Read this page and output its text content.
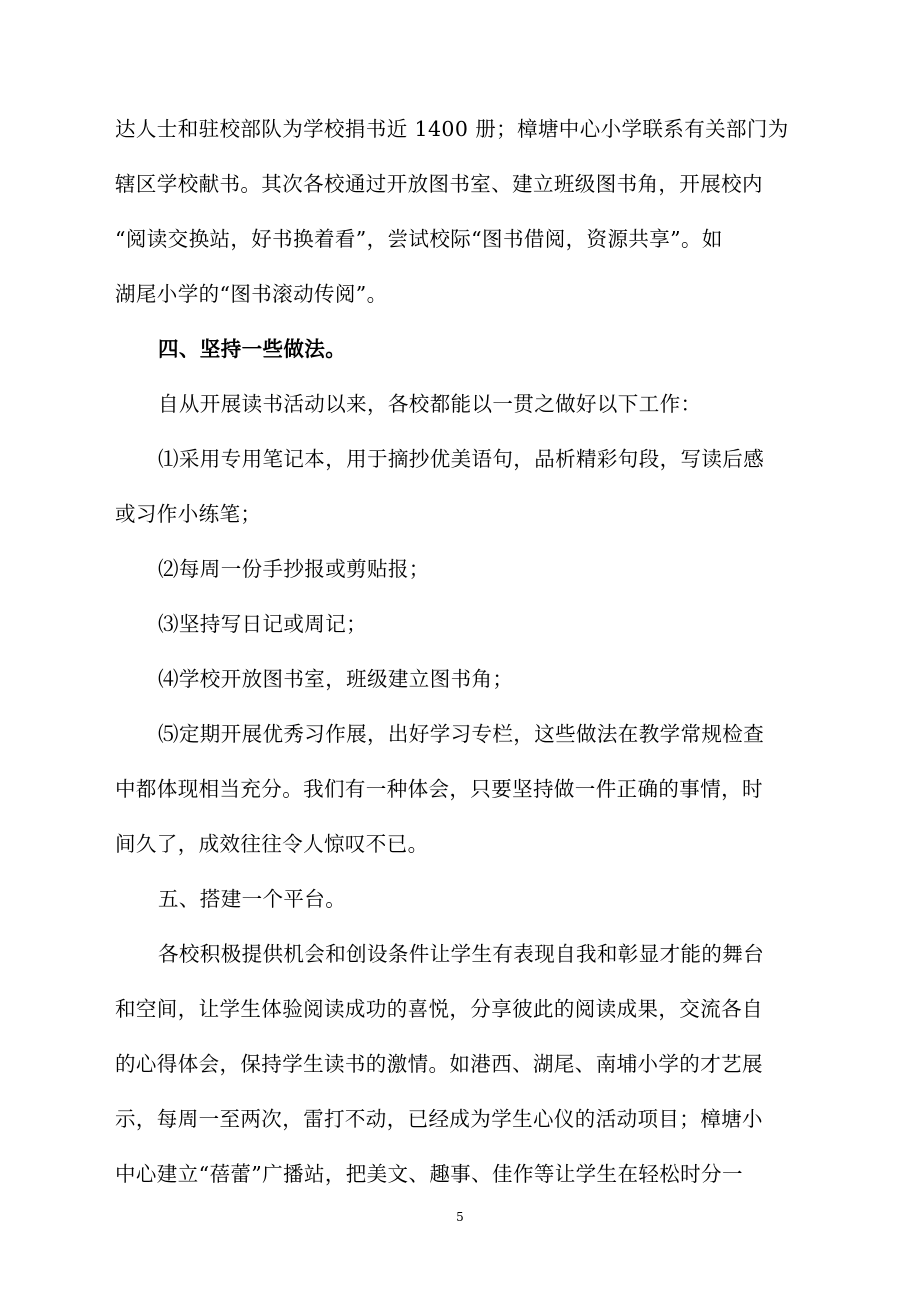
达人士和驻校部队为学校捐书近 1400 册；樟塘中心小学联系有关部门为
辖区学校献书。其次各校通过开放图书室、建立班级图书角，开展校内
“阅读交换站，好书换着看”，尝试校际“图书借阅，资源共享”。如
湖尾小学的“图书滚动传阅”。
四、坚持一些做法。
自从开展读书活动以来，各校都能以一贯之做好以下工作：
⑴采用专用笔记本，用于摘抄优美语句，品析精彩句段，写读后感
或习作小练笔；
⑵每周一份手抄报或剪贴报；
⑶坚持写日记或周记；
⑷学校开放图书室，班级建立图书角；
⑸定期开展优秀习作展，出好学习专栏，这些做法在教学常规检查
中都体现相当充分。我们有一种体会，只要坚持做一件正确的事情，时
间久了，成效往往令人惊叹不已。
五、搭建一个平台。
各校积极提供机会和创设条件让学生有表现自我和彰显才能的舞台
和空间，让学生体验阅读成功的喜悦，分享彼此的阅读成果，交流各自
的心得体会，保持学生读书的激情。如港西、湖尾、南埔小学的才艺展
示，每周一至两次，雷打不动，已经成为学生心仪的活动项目；樟塘小
中心建立“蓓蕾”广播站，把美文、趣事、佳作等让学生在轻松时分一
5
